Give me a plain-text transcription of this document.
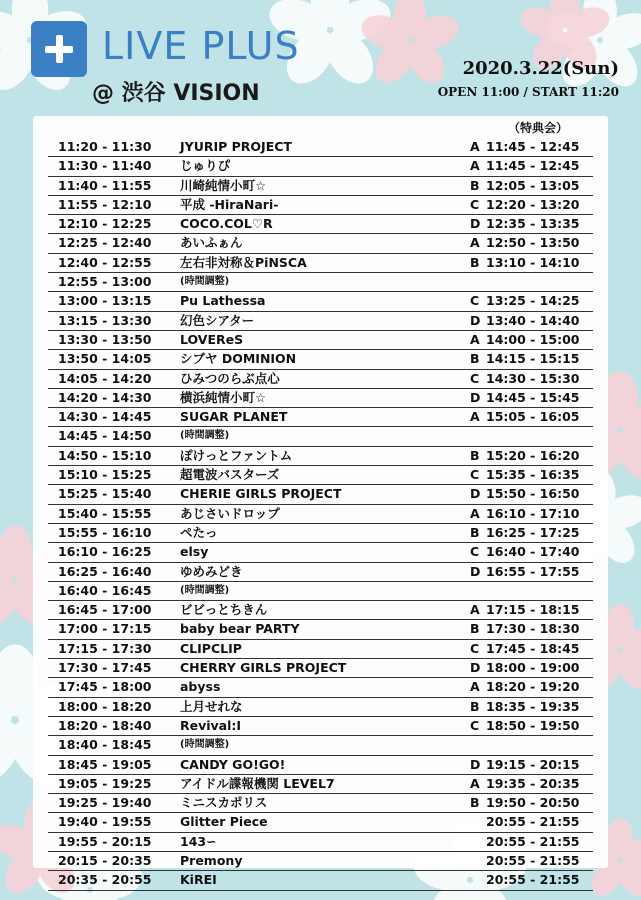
LIVE PLUS
@ 渋谷 VISION
2020.3.22(Sun)
OPEN 11:00 / START 11:20
（特典会）
11:20 - 11:30	JYURIP PROJECT	A 11:45 - 12:45
11:30 - 11:40	じゅりぴ	A 11:45 - 12:45
11:40 - 11:55	川崎純情小町☆	B 12:05 - 13:05
11:55 - 12:10	平成 -HiraNari-	C 12:20 - 13:20
12:10 - 12:25	COCO.COL♡R	D 12:35 - 13:35
12:25 - 12:40	あいふぁん	A 12:50 - 13:50
12:40 - 12:55	左右非対称＆PiNSCA	B 13:10 - 14:10
12:55 - 13:00	(時間調整)
13:00 - 13:15	Pu Lathessa	C 13:25 - 14:25
13:15 - 13:30	幻色シアター	D 13:40 - 14:40
13:30 - 13:50	LOVEReS	A 14:00 - 15:00
13:50 - 14:05	シブヤ DOMINION	B 14:15 - 15:15
14:05 - 14:20	ひみつのらぶ点心	C 14:30 - 15:30
14:20 - 14:30	横浜純情小町☆	D 14:45 - 15:45
14:30 - 14:45	SUGAR PLANET	A 15:05 - 16:05
14:45 - 14:50	(時間調整)
14:50 - 15:10	ぽけっとファントム	B 15:20 - 16:20
15:10 - 15:25	超電波バスターズ	C 15:35 - 16:35
15:25 - 15:40	CHERIE GIRLS PROJECT	D 15:50 - 16:50
15:40 - 15:55	あじさいドロップ	A 16:10 - 17:10
15:55 - 16:10	ぺたっ	B 16:25 - 17:25
16:10 - 16:25	elsy	C 16:40 - 17:40
16:25 - 16:40	ゆめみどき	D 16:55 - 17:55
16:40 - 16:45	(時間調整)
16:45 - 17:00	ビビっとちきん	A 17:15 - 18:15
17:00 - 17:15	baby bear PARTY	B 17:30 - 18:30
17:15 - 17:30	CLIPCLIP	C 17:45 - 18:45
17:30 - 17:45	CHERRY GIRLS PROJECT	D 18:00 - 19:00
17:45 - 18:00	abyss	A 18:20 - 19:20
18:00 - 18:20	上月せれな	B 18:35 - 19:35
18:20 - 18:40	Revival:I	C 18:50 - 19:50
18:40 - 18:45	(時間調整)
18:45 - 19:05	CANDY GO!GO!	D 19:15 - 20:15
19:05 - 19:25	アイドル諜報機関 LEVEL7	A 19:35 - 20:35
19:25 - 19:40	ミニスカポリス	B 19:50 - 20:50
19:40 - 19:55	Glitter Piece	20:55 - 21:55
19:55 - 20:15	143∽	20:55 - 21:55
20:15 - 20:35	Premony	20:55 - 21:55
20:35 - 20:55	KiREI	20:55 - 21:55
